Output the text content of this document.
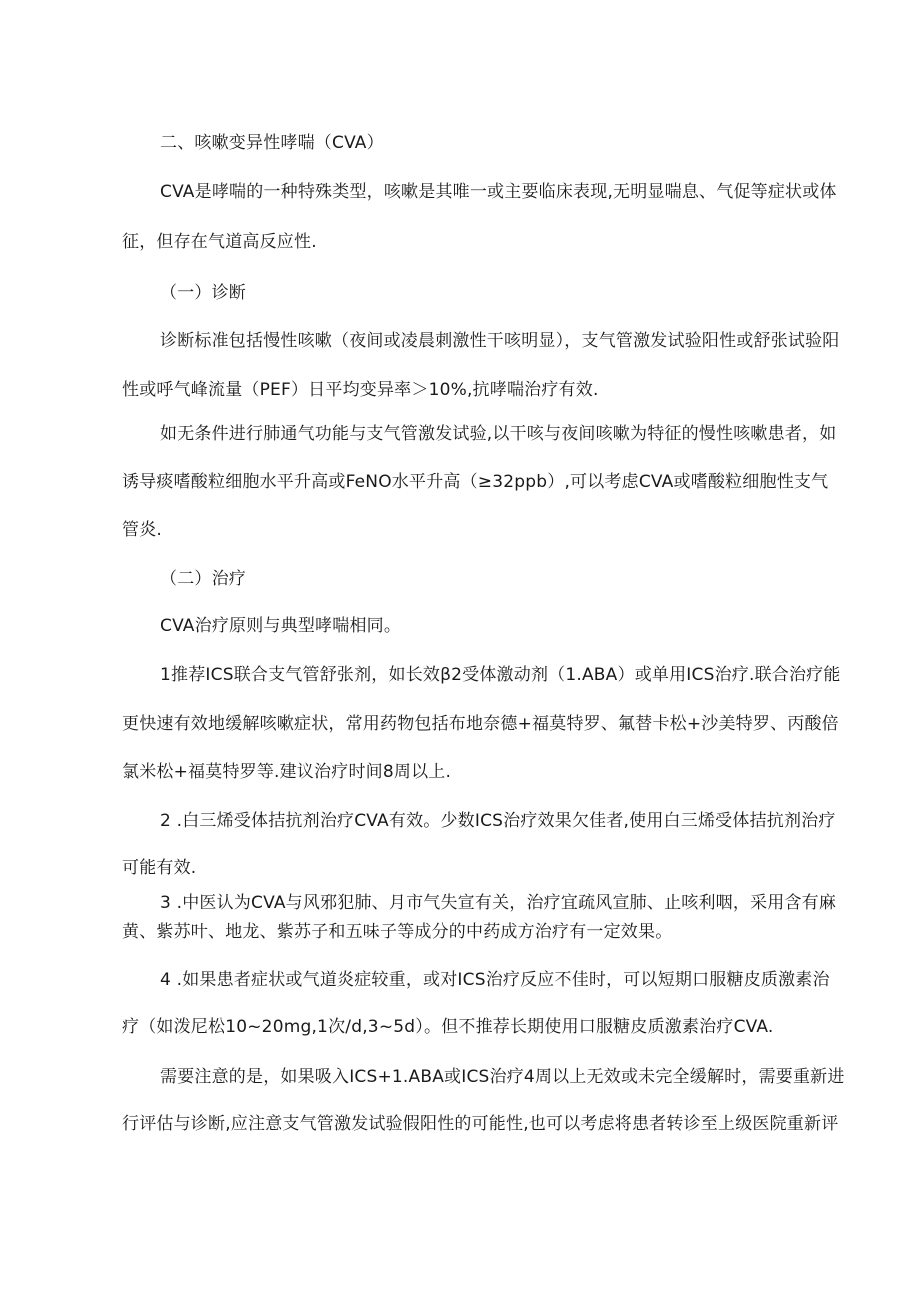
二、咳嗽变异性哮喘（CVA）
CVA是哮喘的一种特殊类型，咳嗽是其唯一或主要临床表现,无明显喘息、气促等症状或体
征，但存在气道高反应性.
（一）诊断
诊断标准包括慢性咳嗽（夜间或凌晨刺激性干咳明显），支气管激发试验阳性或舒张试验阳
性或呼气峰流量（PEF）日平均变异率＞10%,抗哮喘治疗有效.
如无条件进行肺通气功能与支气管激发试验,以干咳与夜间咳嗽为特征的慢性咳嗽患者，如
诱导痰嗜酸粒细胞水平升高或FeNO水平升高（≥32ppb）,可以考虑CVA或嗜酸粒细胞性支气
管炎.
（二）治疗
CVA治疗原则与典型哮喘相同。
1推荐ICS联合支气管舒张剂，如长效β2受体激动剂（1.ABA）或单用ICS治疗.联合治疗能
更快速有效地缓解咳嗽症状，常用药物包括布地奈德+福莫特罗、氟替卡松+沙美特罗、丙酸倍
氯米松+福莫特罗等.建议治疗时间8周以上.
2 .白三烯受体拮抗剂治疗CVA有效。少数ICS治疗效果欠佳者,使用白三烯受体拮抗剂治疗
可能有效.
3 .中医认为CVA与风邪犯肺、月市气失宣有关，治疗宜疏风宣肺、止咳利咽，采用含有麻
黄、紫苏叶、地龙、紫苏子和五味子等成分的中药成方治疗有一定效果。
4 .如果患者症状或气道炎症较重，或对ICS治疗反应不佳时，可以短期口服糖皮质激素治
疗（如泼尼松10~20mg,1次/d,3~5d）。但不推荐长期使用口服糖皮质激素治疗CVA.
需要注意的是，如果吸入ICS+1.ABA或ICS治疗4周以上无效或未完全缓解时，需要重新进
行评估与诊断,应注意支气管激发试验假阳性的可能性,也可以考虑将患者转诊至上级医院重新评
